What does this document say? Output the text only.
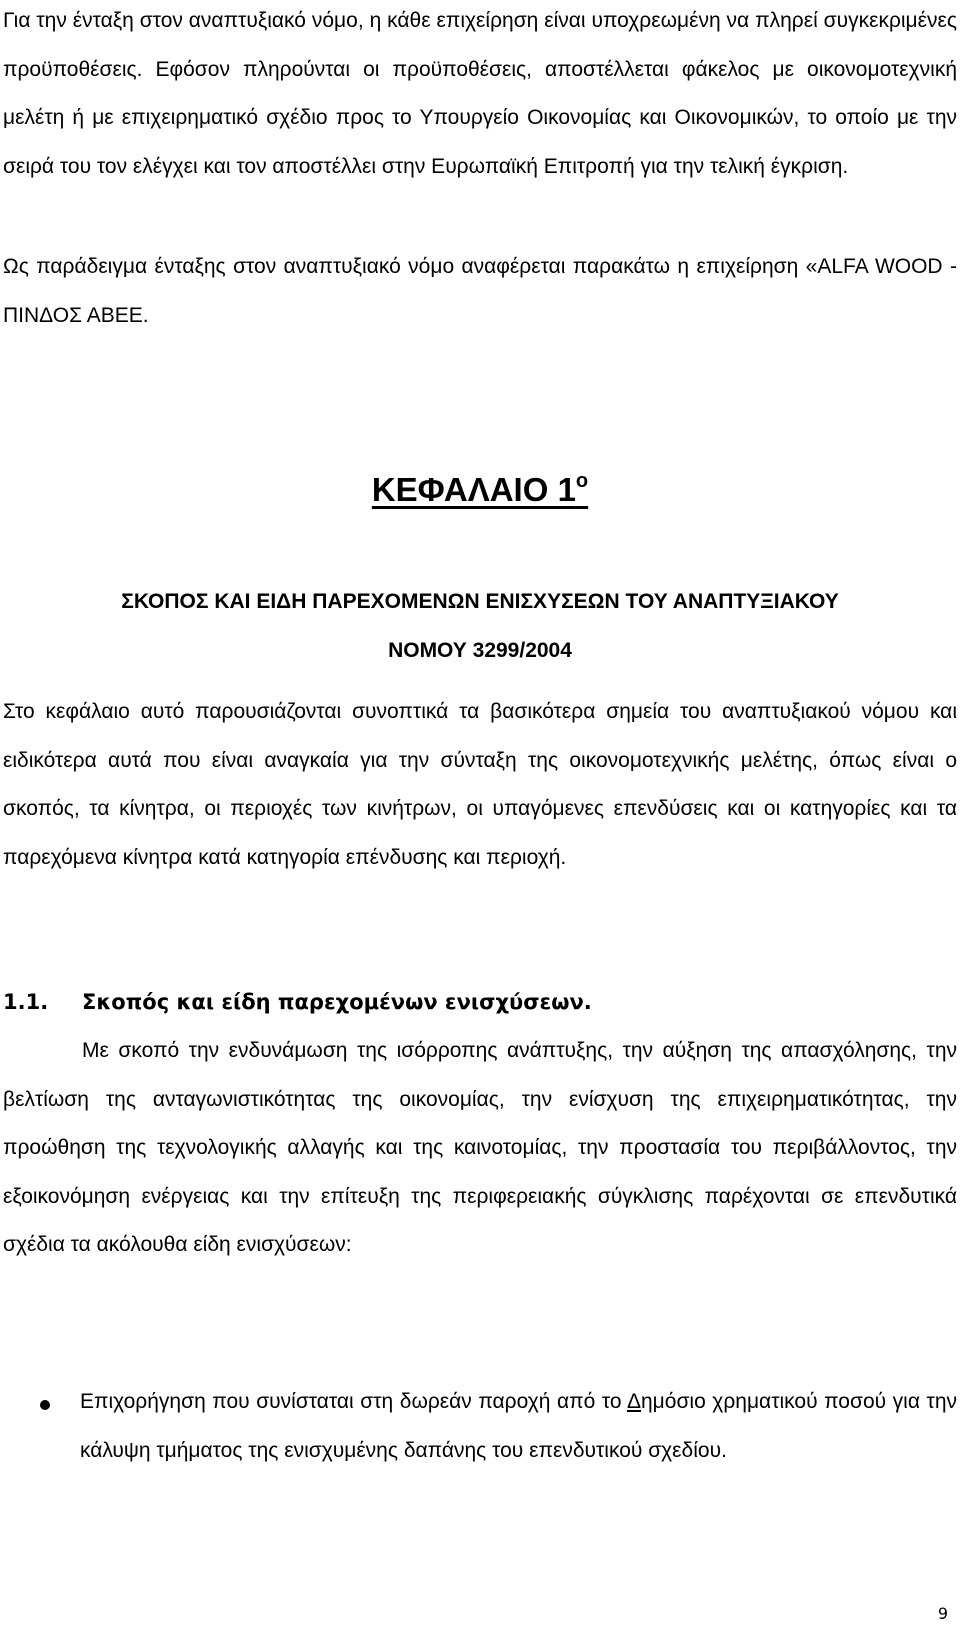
Για την ένταξη στον αναπτυξιακό νόμο, η κάθε επιχείρηση είναι υποχρεωμένη να πληρεί συγκεκριμένες προϋποθέσεις. Εφόσον πληρούνται οι προϋποθέσεις, αποστέλλεται φάκελος με οικονομοτεχνική μελέτη ή με επιχειρηματικό σχέδιο προς το Υπουργείο Οικονομίας και Οικονομικών, το οποίο με την σειρά του τον ελέγχει και τον αποστέλλει στην Ευρωπαϊκή Επιτροπή για την τελική έγκριση.

Ως παράδειγμα ένταξης στον αναπτυξιακό νόμο αναφέρεται παρακάτω η επιχείρηση «ALFA WOOD - ΠΙΝΔΟΣ ΑΒΕΕ.

ΚΕΦΑΛΑΙΟ $1^o$
ΣΚΟΠΟΣ ΚΑΙ ΕΙΔΗ ΠΑΡΕΧΟΜΕΝΩΝ ΕΝΙΣΧΥΣΕΩΝ ΤΟΥ ΑΝΑΠΤΥΞΙΑΚΟΥ
ΝΟΜΟΥ 3299/2004

Στο κεφάλαιο αυτό παρουσιάζονται συνοπτικά τα βασικότερα σημεία του αναπτυξιακού νόμου και ειδικότερα αυτά που είναι αναγκαία για την σύνταξη της οικονομοτεχνικής μελέτης, όπως είναι ο σκοπός, τα κίνητρα, οι περιοχές των κινήτρων, οι υπαγόμενες επενδύσεις και οι κατηγορίες και τα παρεχόμενα κίνητρα κατά κατηγορία επένδυσης και περιοχή.

1.1. Σκοπός και είδη παρεχομένων ενισχύσεων.

Με σκοπό την ενδυνάμωση της ισόρροπης ανάπτυξης, την αύξηση της απασχόλησης, την βελτίωση της ανταγωνιστικότητας της οικονομίας, την ενίσχυση της επιχειρηματικότητας, την προώθηση της τεχνολογικής αλλαγής και της καινοτομίας, την προστασία του περιβάλλοντος, την εξοικονόμηση ενέργειας και την επίτευξη της περιφερειακής σύγκλισης παρέχονται σε επενδυτικά σχέδια τα ακόλουθα είδη ενισχύσεων:

Επιχορήγηση που συνίσταται στη δωρεάν παροχή από το Δημόσιο χρηματικού ποσού για την κάλυψη τμήματος της ενισχυμένης δαπάνης του επενδυτικού σχεδίου.

9
